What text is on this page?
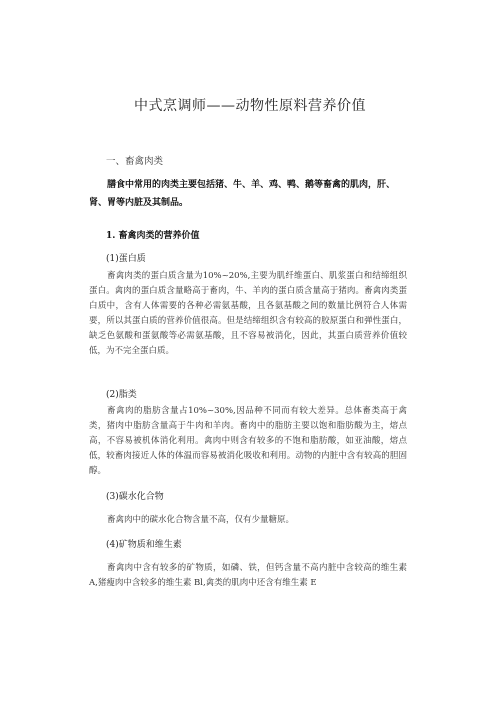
中式烹调师——动物性原料营养价值
一、畜禽肉类
膳食中常用的肉类主要包括猪、牛、羊、鸡、鸭、鹅等畜禽的肌肉，肝、肾、胃等内脏及其制品。
1. 畜禽肉类的营养价值
(1)蛋白质
畜禽肉类的蛋白质含量为10%~20%,主要为肌纤维蛋白、肌浆蛋白和结缔组织蛋白。禽肉的蛋白质含量略高于畜肉，牛、羊肉的蛋白质含量高于猪肉。畜禽肉类蛋白质中，含有人体需要的各种必需氨基酸，且各氨基酸之间的数量比例符合人体需要，所以其蛋白质的营养价值很高。但是结缔组织含有较高的胶原蛋白和弹性蛋白，缺乏色氨酸和蛋氨酸等必需氨基酸，且不容易被消化，因此，其蛋白质营养价值较低，为不完全蛋白质。
(2)脂类
畜禽肉的脂肪含量占10%~30%,因品种不同而有较大差异。总体畜类高于禽类，猪肉中脂肪含量高于牛肉和羊肉。畜肉中的脂肪主要以饱和脂肪酸为主，熔点高，不容易被机体消化利用。禽肉中则含有较多的不饱和脂肪酸，如亚油酸，熔点低，较畜肉接近人体的体温而容易被消化吸收和利用。动物的内脏中含有较高的胆固醇。
(3)碳水化合物
畜禽肉中的碳水化合物含量不高，仅有少量糖原。
(4)矿物质和维生素
畜禽肉中含有较多的矿物质，如磷、铁，但钙含量不高内脏中含较高的维生素 A,猪瘦肉中含较多的维生素 Bl,禽类的肌肉中还含有维生素 E
